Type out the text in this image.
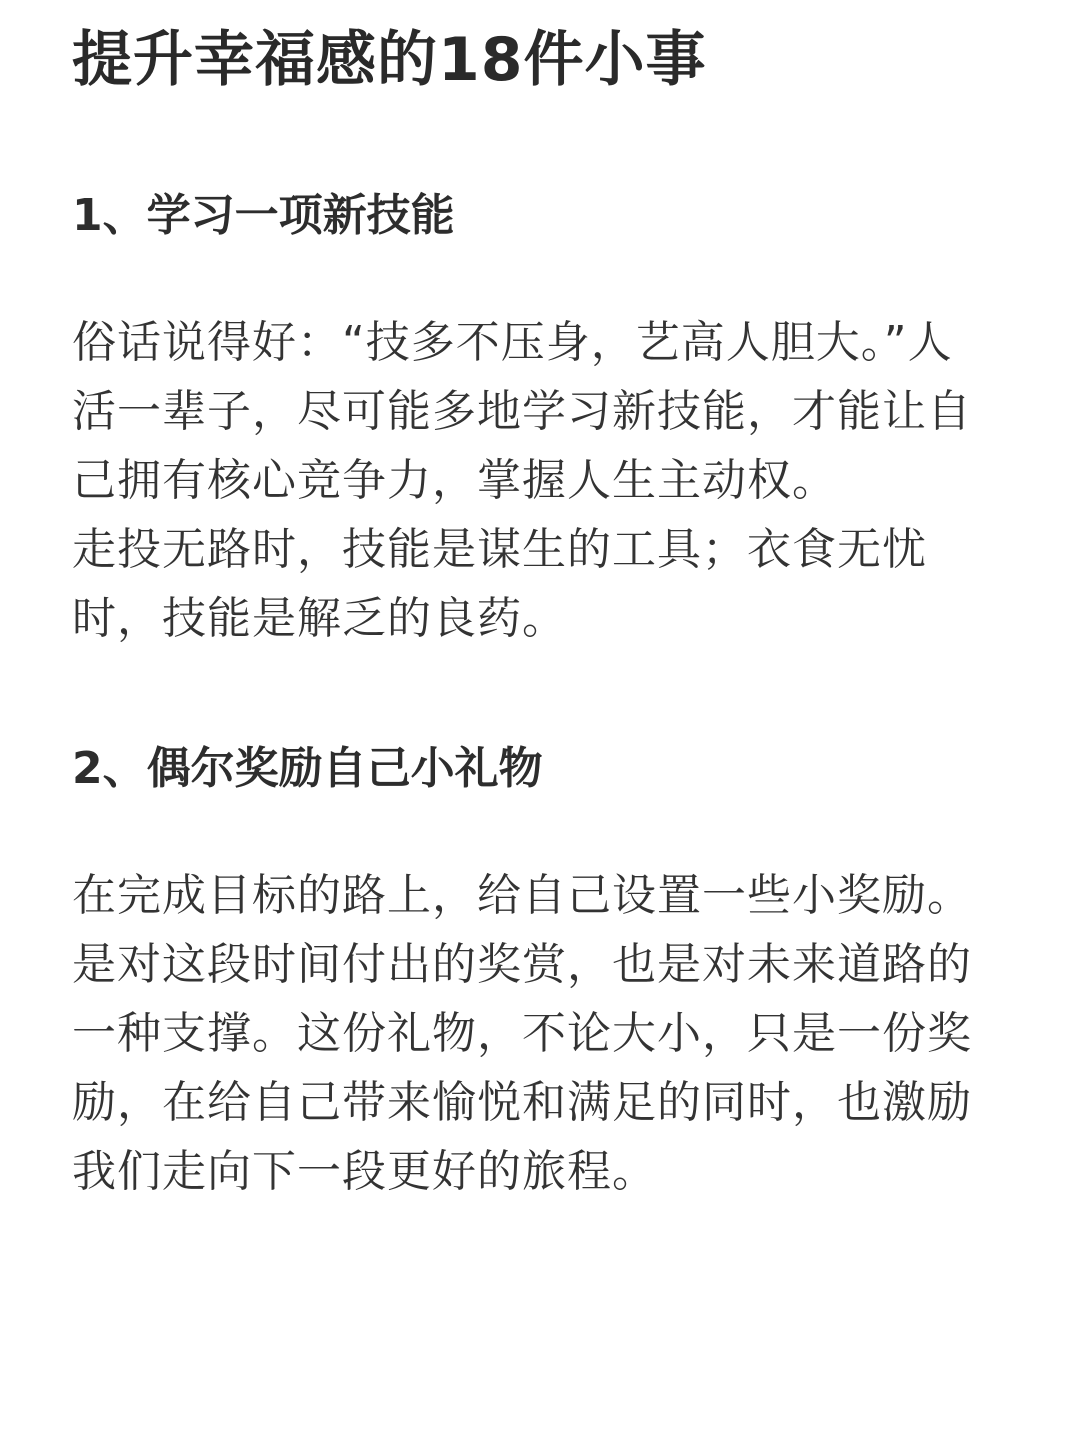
提升幸福感的18件小事
1、学习一项新技能

俗话说得好：“技多不压身，艺高人胆大。”人活一辈子，尽可能多地学习新技能，才能让自己拥有核心竞争力，掌握人生主动权。

走投无路时，技能是谋生的工具；衣食无忧时，技能是解乏的良药。

2、偶尔奖励自己小礼物

在完成目标的路上，给自己设置一些小奖励。是对这段时间付出的奖赏，也是对未来道路的一种支撑。这份礼物，不论大小，只是一份奖励，在给自己带来愉悦和满足的同时，也激励我们走向下一段更好的旅程。
